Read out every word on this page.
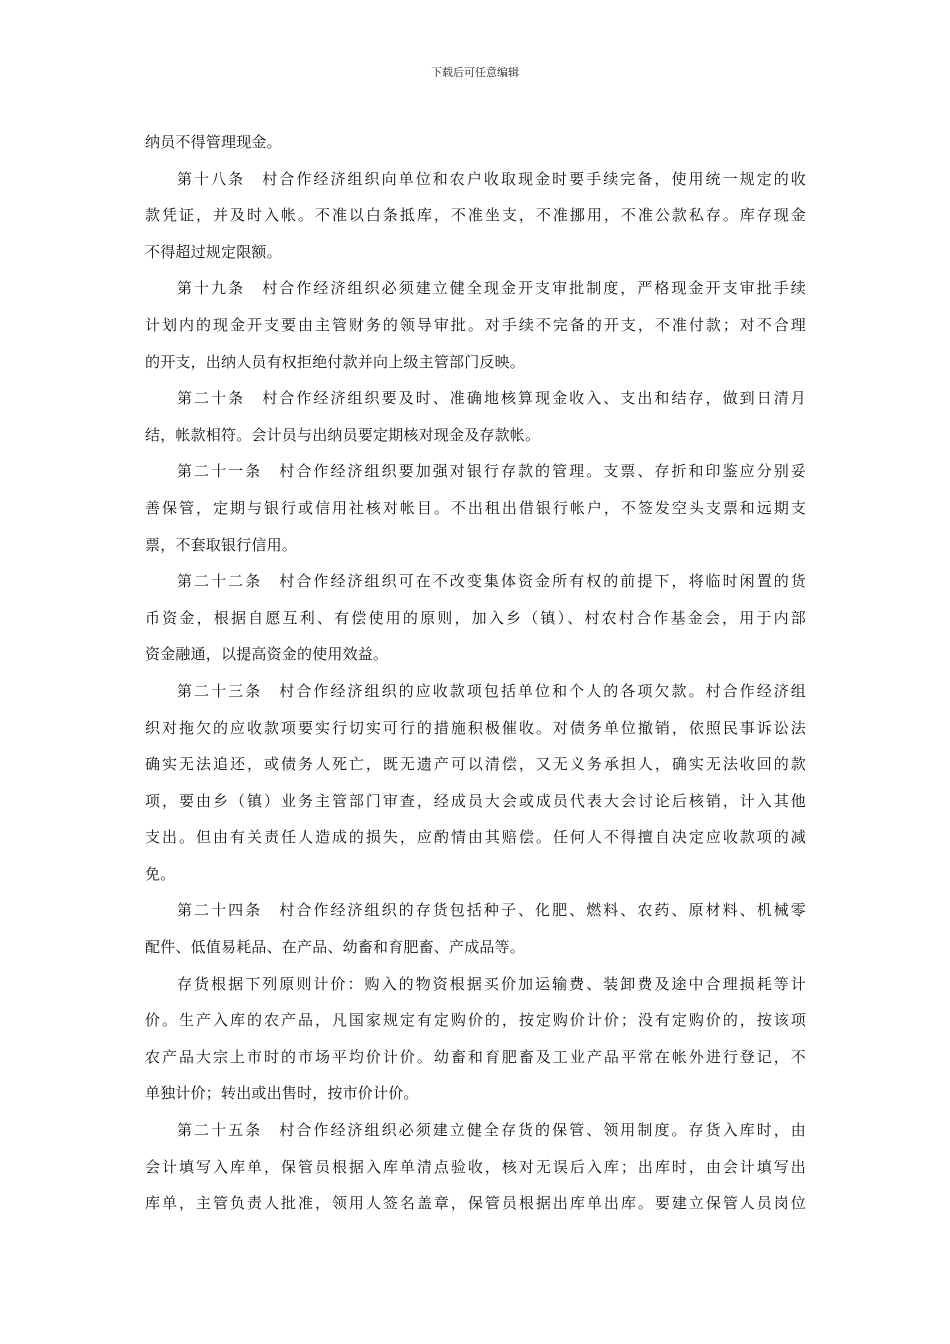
下载后可任意编辑
纳员不得管理现金。
第十八条　村合作经济组织向单位和农户收取现金时要手续完备，使用统一规定的收
款凭证，并及时入帐。不准以白条抵库，不准坐支，不准挪用，不准公款私存。库存现金
不得超过规定限额。
第十九条　村合作经济组织必须建立健全现金开支审批制度，严格现金开支审批手续
计划内的现金开支要由主管财务的领导审批。对手续不完备的开支，不准付款；对不合理
的开支，出纳人员有权拒绝付款并向上级主管部门反映。
第二十条　村合作经济组织要及时、准确地核算现金收入、支出和结存，做到日清月
结，帐款相符。会计员与出纳员要定期核对现金及存款帐。
第二十一条　村合作经济组织要加强对银行存款的管理。支票、存折和印鉴应分别妥
善保管，定期与银行或信用社核对帐目。不出租出借银行帐户，不签发空头支票和远期支
票，不套取银行信用。
第二十二条　村合作经济组织可在不改变集体资金所有权的前提下，将临时闲置的货
币资金，根据自愿互利、有偿使用的原则，加入乡（镇）、村农村合作基金会，用于内部
资金融通，以提高资金的使用效益。
第二十三条　村合作经济组织的应收款项包括单位和个人的各项欠款。村合作经济组
织对拖欠的应收款项要实行切实可行的措施积极催收。对债务单位撤销，依照民事诉讼法
确实无法追还，或债务人死亡，既无遗产可以清偿，又无义务承担人，确实无法收回的款
项，要由乡（镇）业务主管部门审查，经成员大会或成员代表大会讨论后核销，计入其他
支出。但由有关责任人造成的损失，应酌情由其赔偿。任何人不得擅自决定应收款项的减
免。
第二十四条　村合作经济组织的存货包括种子、化肥、燃料、农药、原材料、机械零
配件、低值易耗品、在产品、幼畜和育肥畜、产成品等。
存货根据下列原则计价：购入的物资根据买价加运输费、装卸费及途中合理损耗等计
价。生产入库的农产品，凡国家规定有定购价的，按定购价计价；没有定购价的，按该项
农产品大宗上市时的市场平均价计价。幼畜和育肥畜及工业产品平常在帐外进行登记，不
单独计价；转出或出售时，按市价计价。
第二十五条　村合作经济组织必须建立健全存货的保管、领用制度。存货入库时，由
会计填写入库单，保管员根据入库单清点验收，核对无误后入库；出库时，由会计填写出
库单，主管负责人批准，领用人签名盖章，保管员根据出库单出库。要建立保管人员岗位
